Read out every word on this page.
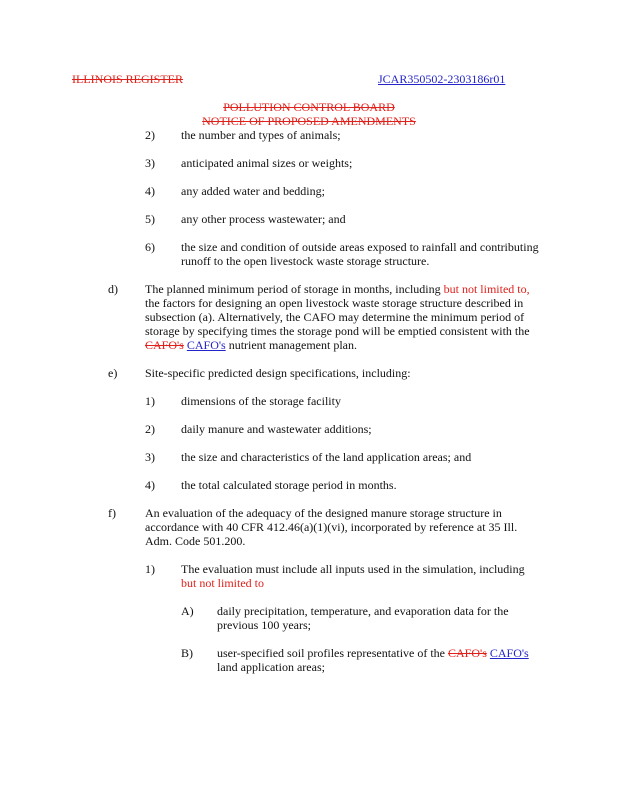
ILLINOIS REGISTER	JCAR350502-2303186r01
POLLUTION CONTROL BOARD
NOTICE OF PROPOSED AMENDMENTS
2) the number and types of animals;
3) anticipated animal sizes or weights;
4) any added water and bedding;
5) any other process wastewater; and
6) the size and condition of outside areas exposed to rainfall and contributing
runoff to the open livestock waste storage structure.
d) The planned minimum period of storage in months, including but not limited to,
the factors for designing an open livestock waste storage structure described in
subsection (a). Alternatively, the CAFO may determine the minimum period of
storage by specifying times the storage pond will be emptied consistent with the
CAFO's CAFO's nutrient management plan.
e) Site-specific predicted design specifications, including:
1) dimensions of the storage facility
2) daily manure and wastewater additions;
3) the size and characteristics of the land application areas; and
4) the total calculated storage period in months.
f) An evaluation of the adequacy of the designed manure storage structure in
accordance with 40 CFR 412.46(a)(1)(vi), incorporated by reference at 35 Ill.
Adm. Code 501.200.
1) The evaluation must include all inputs used in the simulation, including
but not limited to
A) daily precipitation, temperature, and evaporation data for the
previous 100 years;
B) user-specified soil profiles representative of the CAFO's CAFO's
land application areas;
